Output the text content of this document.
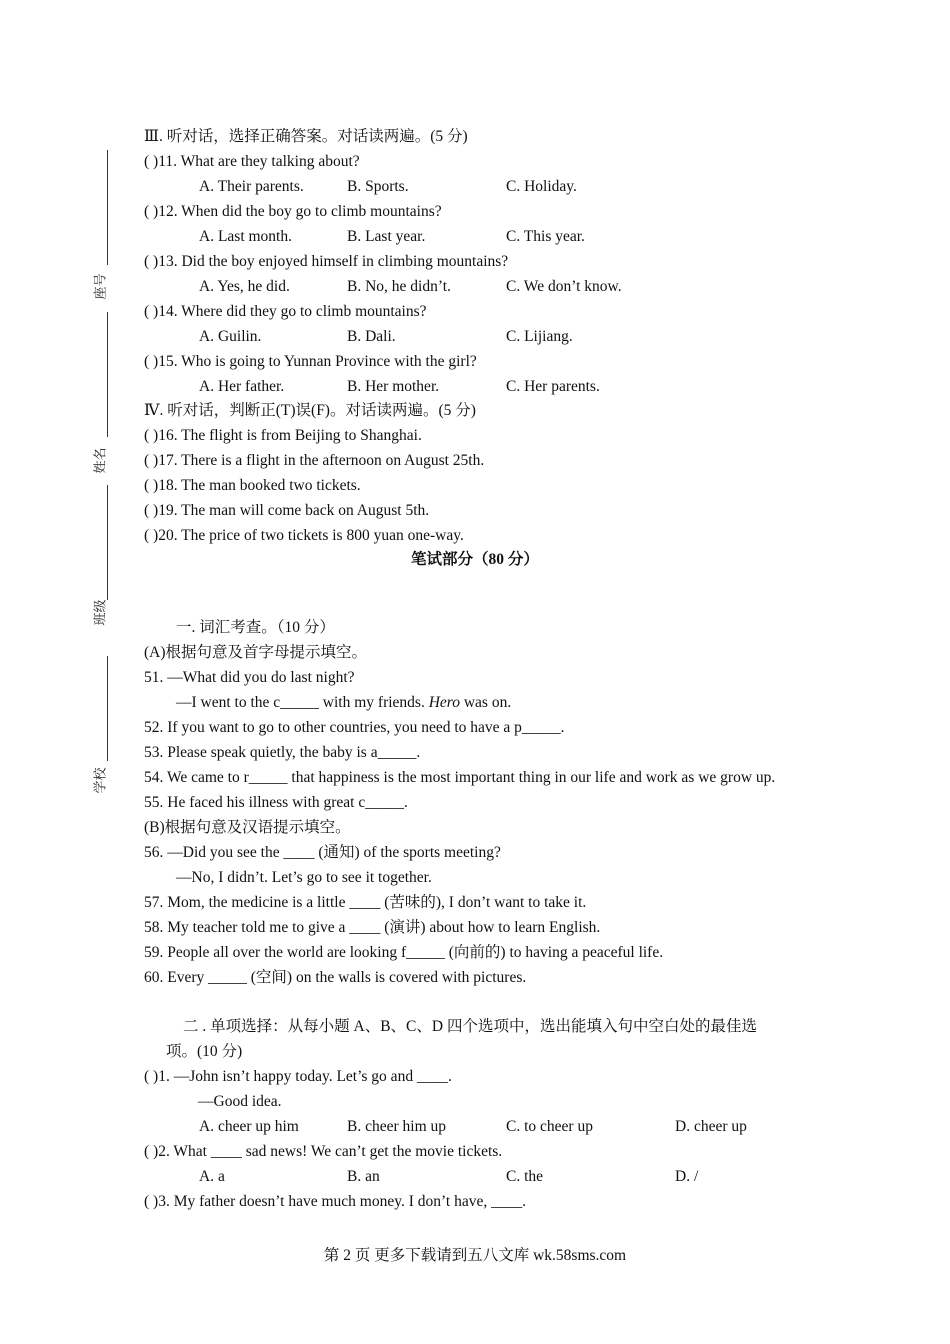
座号
姓名
班级
学校
Ⅲ. 听对话，选择正确答案。对话读两遍。(5 分)
( )11. What are they talking about?
A. Their parents.	B. Sports.	C. Holiday.
( )12. When did the boy go to climb mountains?
A. Last month.	B. Last year.	C. This year.
( )13. Did the boy enjoyed himself in climbing mountains?
A. Yes, he did.	B. No, he didn’t.	C. We don’t know.
( )14. Where did they go to climb mountains?
A. Guilin.	B. Dali.	C. Lijiang.
( )15. Who is going to Yunnan Province with the girl?
A. Her father.	B. Her mother.	C. Her parents.
Ⅳ. 听对话，判断正(T)误(F)。对话读两遍。(5 分)
( )16. The flight is from Beijing to Shanghai.
( )17. There is a flight in the afternoon on August 25th.
( )18. The man booked two tickets.
( )19. The man will come back on August 5th.
( )20. The price of two tickets is 800 yuan one-way.
笔试部分（80 分）
一. 词汇考查。（10 分）
(A)根据句意及首字母提示填空。
51. —What did you do last night?
—I went to the c_____ with my friends. Hero was on.
52. If you want to go to other countries, you need to have a p_____.
53. Please speak quietly, the baby is a_____.
54. We came to r_____ that happiness is the most important thing in our life and work as we grow up.
55. He faced his illness with great c_____.
(B)根据句意及汉语提示填空。
56. —Did you see the ____ (通知) of the sports meeting?
—No, I didn’t. Let’s go to see it together.
57. Mom, the medicine is a little ____ (苦味的), I don’t want to take it.
58. My teacher told me to give a ____ (演讲) about how to learn English.
59. People all over the world are looking f_____ (向前的) to having a peaceful life.
60. Every _____ (空间) on the walls is covered with pictures.
二 . 单项选择：从每小题 A、B、C、D 四个选项中，选出能填入句中空白处的最佳选
项。(10 分)
( )1. —John isn’t happy today. Let’s go and ____.
—Good idea.
A. cheer up him	B. cheer him up	C. to cheer up	D. cheer up
( )2. What ____ sad news! We can’t get the movie tickets.
A. a	B. an	C. the	D. /
( )3. My father doesn’t have much money. I don’t have, ____.
第 2 页 更多下载请到五八文库 wk.58sms.com
